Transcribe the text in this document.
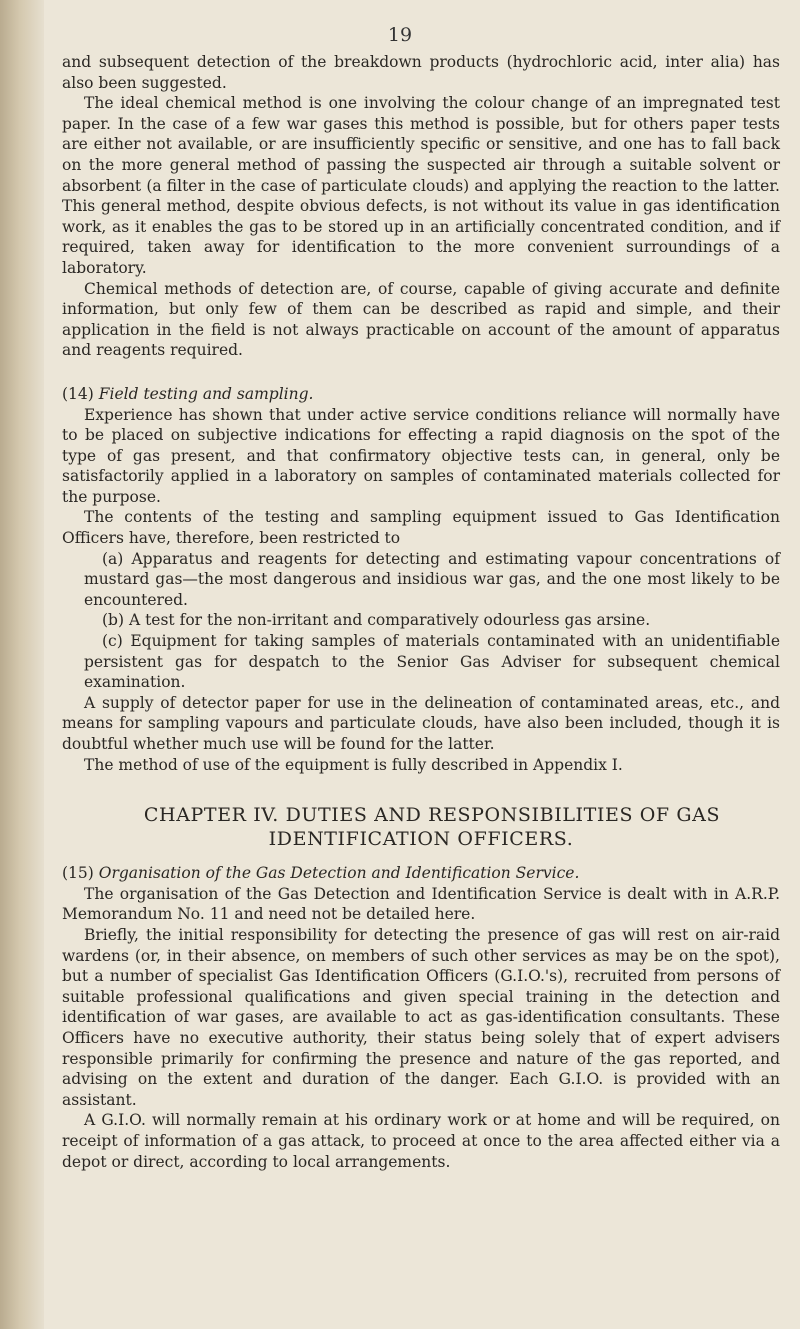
19

and subsequent detection of the breakdown products (hydrochloric acid, inter alia) has also been suggested.

The ideal chemical method is one involving the colour change of an impregnated test paper. In the case of a few war gases this method is possible, but for others paper tests are either not available, or are insufficiently specific or sensitive, and one has to fall back on the more general method of passing the suspected air through a suitable solvent or absorbent (a filter in the case of particulate clouds) and applying the reaction to the latter. This general method, despite obvious defects, is not without its value in gas identification work, as it enables the gas to be stored up in an artificially concentrated condition, and if required, taken away for identification to the more convenient surroundings of a laboratory.

Chemical methods of detection are, of course, capable of giving accurate and definite information, but only few of them can be described as rapid and simple, and their application in the field is not always practicable on account of the amount of apparatus and reagents required.

(14) Field testing and sampling.

Experience has shown that under active service conditions reliance will normally have to be placed on subjective indications for effecting a rapid diagnosis on the spot of the type of gas present, and that confirmatory objective tests can, in general, only be satisfactorily applied in a laboratory on samples of contaminated materials collected for the purpose.

The contents of the testing and sampling equipment issued to Gas Identification Officers have, therefore, been restricted to

(a) Apparatus and reagents for detecting and estimating vapour concentrations of mustard gas—the most dangerous and insidious war gas, and the one most likely to be encountered.

(b) A test for the non-irritant and comparatively odourless gas arsine.

(c) Equipment for taking samples of materials contaminated with an unidentifiable persistent gas for despatch to the Senior Gas Adviser for subsequent chemical examination.

A supply of detector paper for use in the delineation of contaminated areas, etc., and means for sampling vapours and particulate clouds, have also been included, though it is doubtful whether much use will be found for the latter.

The method of use of the equipment is fully described in Appendix I.

CHAPTER IV. DUTIES AND RESPONSIBILITIES OF GAS IDENTIFICATION OFFICERS.

(15) Organisation of the Gas Detection and Identification Service.

The organisation of the Gas Detection and Identification Service is dealt with in A.R.P. Memorandum No. 11 and need not be detailed here.

Briefly, the initial responsibility for detecting the presence of gas will rest on air-raid wardens (or, in their absence, on members of such other services as may be on the spot), but a number of specialist Gas Identification Officers (G.I.O.'s), recruited from persons of suitable professional qualifications and given special training in the detection and identification of war gases, are available to act as gas-identification consultants. These Officers have no executive authority, their status being solely that of expert advisers responsible primarily for confirming the presence and nature of the gas reported, and advising on the extent and duration of the danger. Each G.I.O. is provided with an assistant.

A G.I.O. will normally remain at his ordinary work or at home and will be required, on receipt of information of a gas attack, to proceed at once to the area affected either via a depot or direct, according to local arrangements.
